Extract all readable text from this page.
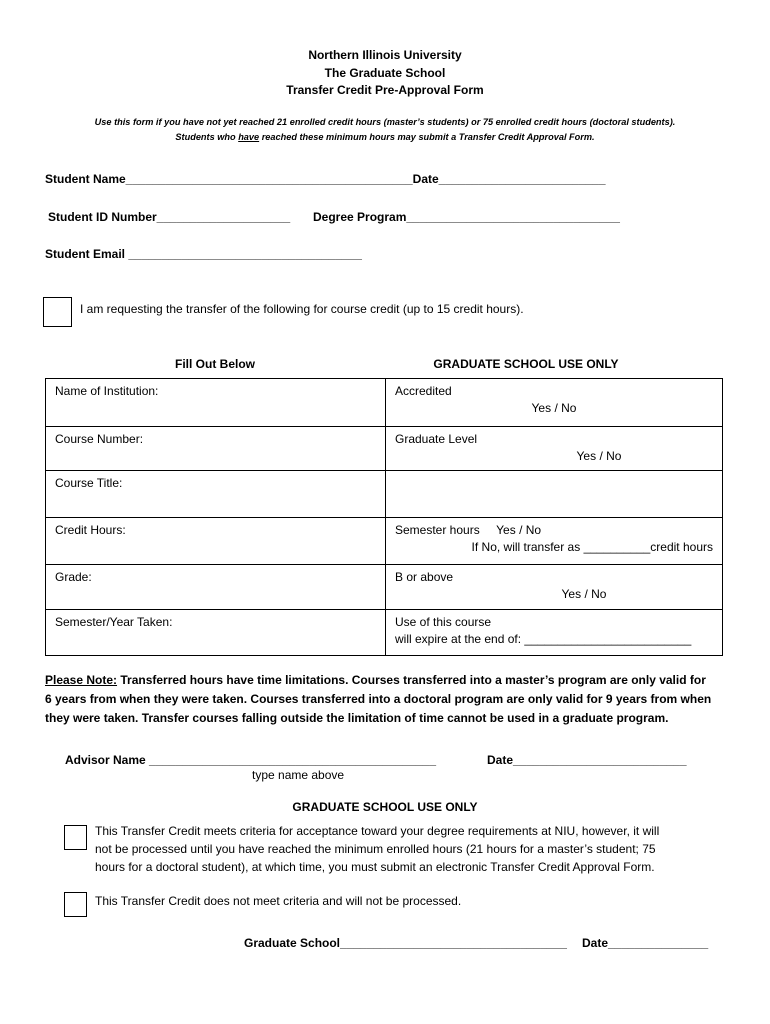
Northern Illinois University
The Graduate School
Transfer Credit Pre-Approval Form
Use this form if you have not yet reached 21 enrolled credit hours (master’s students) or 75 enrolled credit hours (doctoral students).
Students who have reached these minimum hours may submit a Transfer Credit Approval Form.
Student Name___________________________________________Date_________________________
Student ID Number____________________ Degree Program________________________________
Student Email ___________________________________
I am requesting the transfer of the following for course credit (up to 15 credit hours).
Fill Out Below	GRADUATE SCHOOL USE ONLY
Name of Institution:	Accredited
Yes / No

Course Number:	Graduate Level
Yes / No

Course Title:	
Credit Hours:	Semester hours     Yes / No
If No, will transfer as __________credit hours

Grade:	B or above
Yes / No

Semester/Year Taken:	Use of this course
will expire at the end of: _________________________
Please Note: Transferred hours have time limitations. Courses transferred into a master’s program are only valid for
6 years from when they were taken. Courses transferred into a doctoral program are only valid for 9 years from when
they were taken. Transfer courses falling outside the limitation of time cannot be used in a graduate program.
Advisor Name ___________________________________________	Date__________________________
type name above
GRADUATE SCHOOL USE ONLY
This Transfer Credit meets criteria for acceptance toward your degree requirements at NIU, however, it will
not be processed until you have reached the minimum enrolled hours (21 hours for a master’s student; 75
hours for a doctoral student), at which time, you must submit an electronic Transfer Credit Approval Form.
This Transfer Credit does not meet criteria and will not be processed.
Graduate School__________________________________ Date_______________
